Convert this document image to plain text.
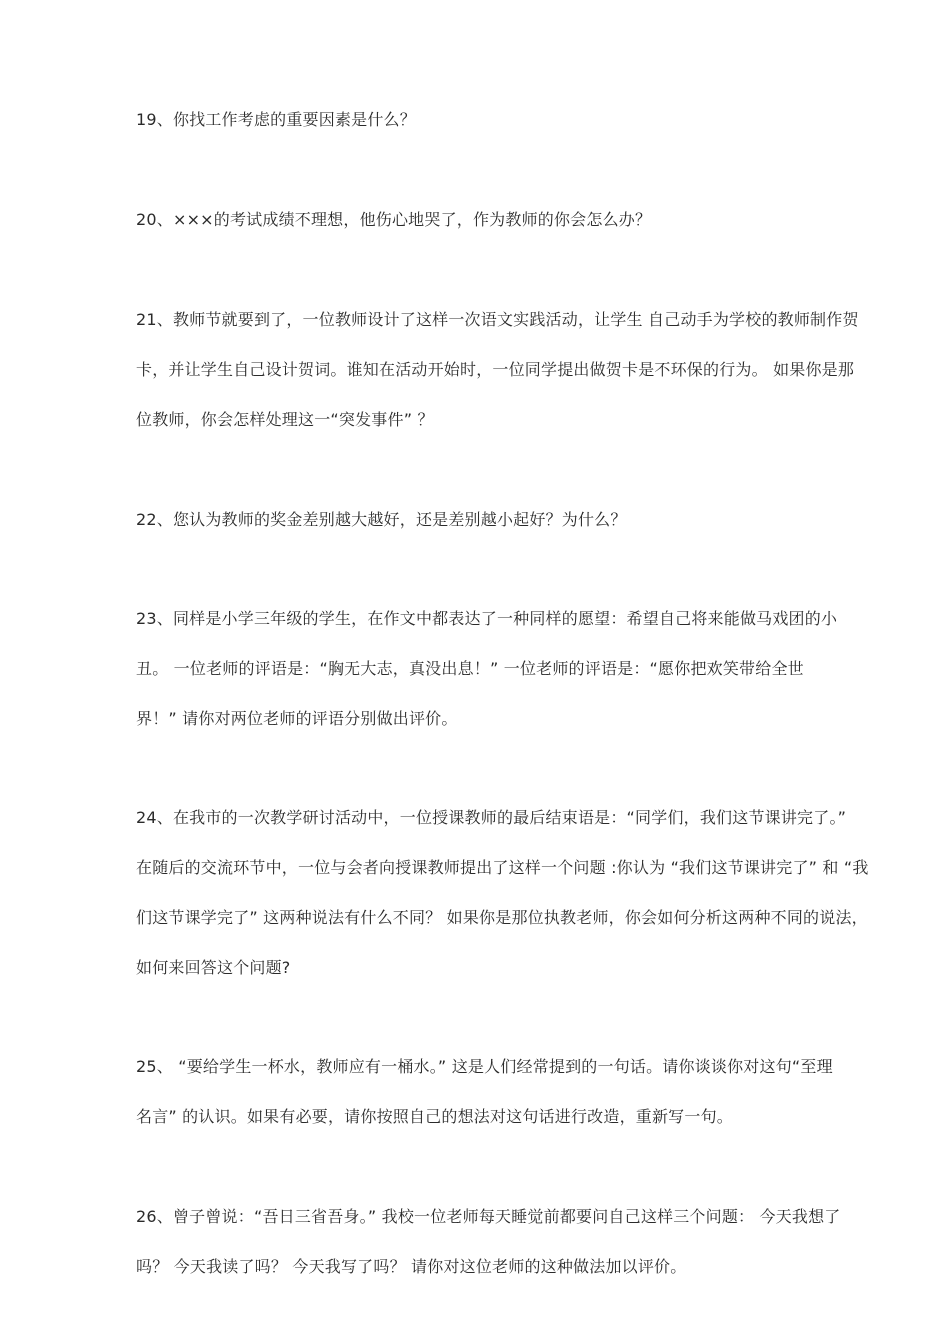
19、你找工作考虑的重要因素是什么？
20、×××的考试成绩不理想，他伤心地哭了，作为教师的你会怎么办？
21、教师节就要到了，一位教师设计了这样一次语文实践活动，让学生 自己动手为学校的教师制作贺
卡，并让学生自己设计贺词。谁知在活动开始时，一位同学提出做贺卡是不环保的行为。 如果你是那
位教师，你会怎样处理这一“突发事件” ？
22、您认为教师的奖金差别越大越好，还是差别越小起好？为什么？
23、同样是小学三年级的学生，在作文中都表达了一种同样的愿望：希望自己将来能做马戏团的小
丑。 一位老师的评语是：“胸无大志，真没出息！” 一位老师的评语是：“愿你把欢笑带给全世
界！” 请你对两位老师的评语分别做出评价。
24、在我市的一次教学研讨活动中，一位授课教师的最后结束语是：“同学们，我们这节课讲完了。”
在随后的交流环节中，一位与会者向授课教师提出了这样一个问题 :你认为 “我们这节课讲完了” 和 “我
们这节课学完了” 这两种说法有什么不同？ 如果你是那位执教老师，你会如何分析这两种不同的说法，
如何来回答这个问题?
25、 “要给学生一杯水，教师应有一桶水。” 这是人们经常提到的一句话。请你谈谈你对这句“至理
名言” 的认识。如果有必要，请你按照自己的想法对这句话进行改造，重新写一句。
26、曾子曾说：“吾日三省吾身。” 我校一位老师每天睡觉前都要问自己这样三个问题： 今天我想了
吗？ 今天我读了吗？ 今天我写了吗？ 请你对这位老师的这种做法加以评价。
